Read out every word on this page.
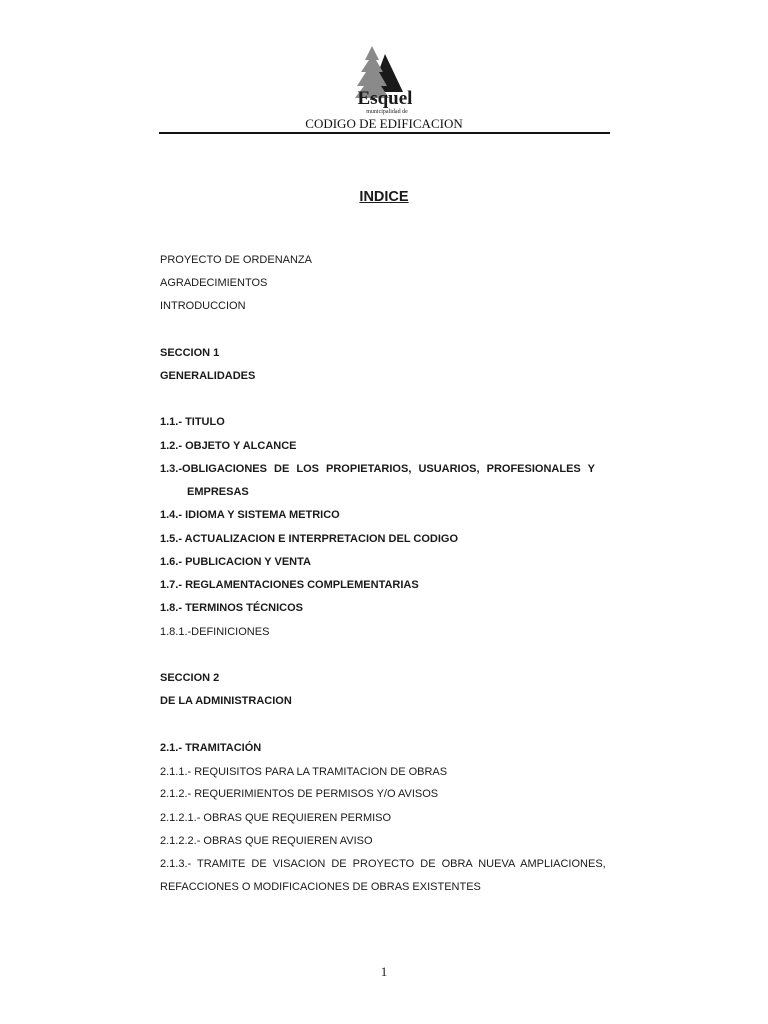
Esquel
municipalidad de
CODIGO DE EDIFICACION
INDICE
PROYECTO DE ORDENANZA
AGRADECIMIENTOS
INTRODUCCION
SECCION 1
GENERALIDADES
1.1.- TITULO
1.2.- OBJETO Y ALCANCE
1.3.-OBLIGACIONES DE LOS PROPIETARIOS, USUARIOS, PROFESIONALES Y
EMPRESAS
1.4.- IDIOMA Y SISTEMA METRICO
1.5.- ACTUALIZACION E INTERPRETACION DEL CODIGO
1.6.- PUBLICACION Y VENTA
1.7.- REGLAMENTACIONES COMPLEMENTARIAS
1.8.- TERMINOS TÉCNICOS
1.8.1.-DEFINICIONES
SECCION 2
DE LA ADMINISTRACION
2.1.- TRAMITACIÓN
2.1.1.- REQUISITOS PARA LA TRAMITACION DE OBRAS
2.1.2.- REQUERIMIENTOS DE PERMISOS Y/O AVISOS
2.1.2.1.- OBRAS QUE REQUIEREN PERMISO
2.1.2.2.- OBRAS QUE REQUIEREN AVISO
2.1.3.- TRAMITE DE VISACION DE PROYECTO DE OBRA NUEVA AMPLIACIONES,
REFACCIONES O MODIFICACIONES DE OBRAS EXISTENTES
1
